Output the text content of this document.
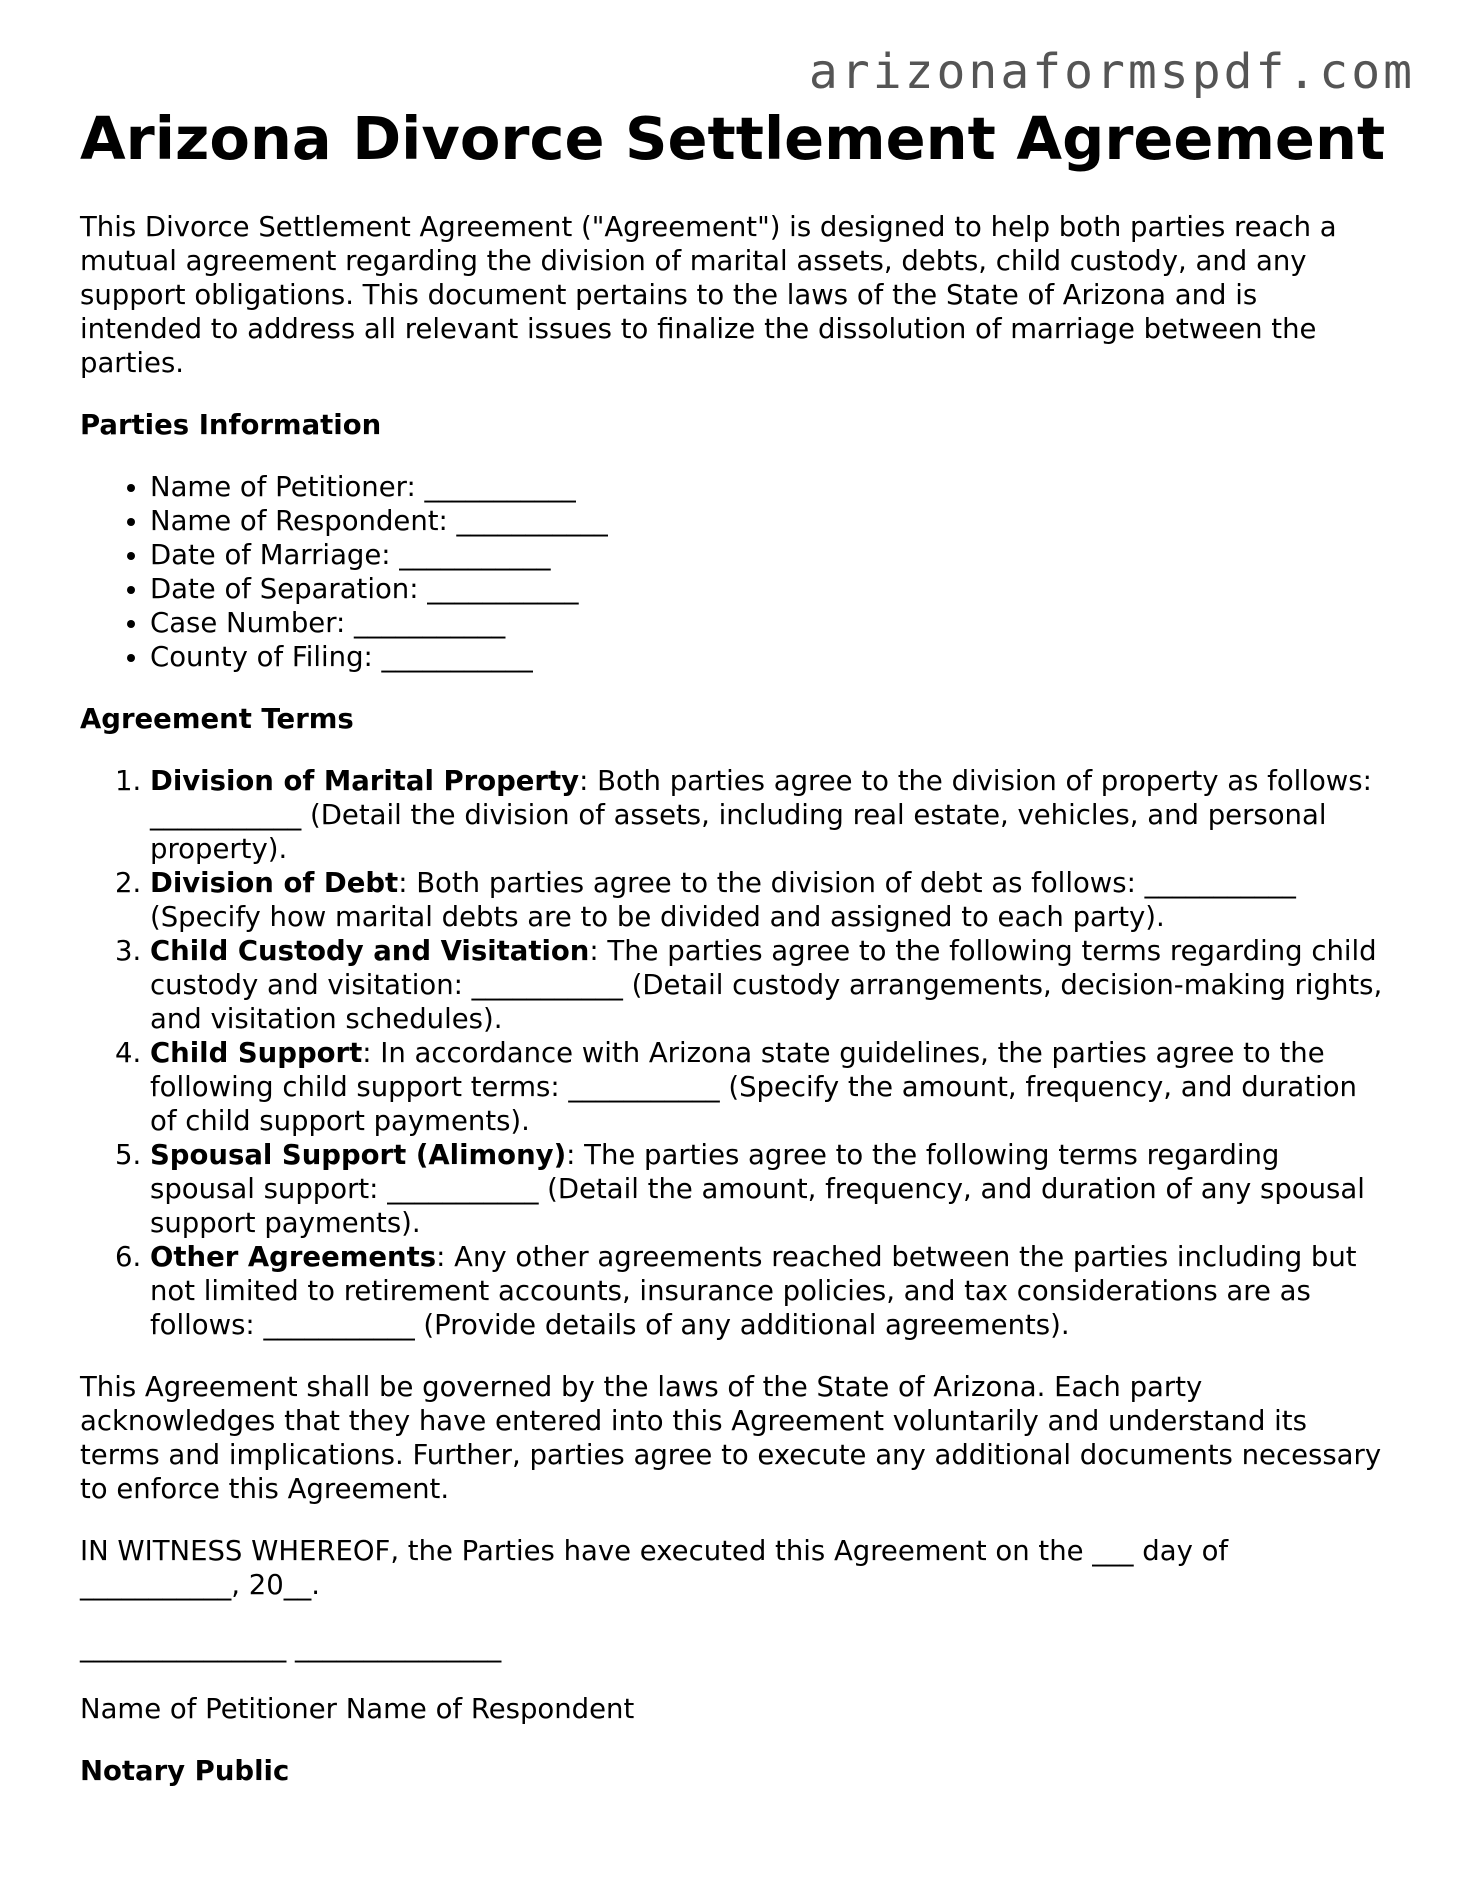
arizonaformspdf.com
Arizona Divorce Settlement Agreement

This Divorce Settlement Agreement ("Agreement") is designed to help both parties reach a mutual agreement regarding the division of marital assets, debts, child custody, and any support obligations. This document pertains to the laws of the State of Arizona and is intended to address all relevant issues to finalize the dissolution of marriage between the parties.

Parties Information

• Name of Petitioner: ___________
• Name of Respondent: ___________
• Date of Marriage: ___________
• Date of Separation: ___________
• Case Number: ___________
• County of Filing: ___________

Agreement Terms

1. Division of Marital Property: Both parties agree to the division of property as follows: ___________ (Detail the division of assets, including real estate, vehicles, and personal property).
2. Division of Debt: Both parties agree to the division of debt as follows: ___________ (Specify how marital debts are to be divided and assigned to each party).
3. Child Custody and Visitation: The parties agree to the following terms regarding child custody and visitation: ___________ (Detail custody arrangements, decision-making rights, and visitation schedules).
4. Child Support: In accordance with Arizona state guidelines, the parties agree to the following child support terms: ___________ (Specify the amount, frequency, and duration of child support payments).
5. Spousal Support (Alimony): The parties agree to the following terms regarding spousal support: ___________ (Detail the amount, frequency, and duration of any spousal support payments).
6. Other Agreements: Any other agreements reached between the parties including but not limited to retirement accounts, insurance policies, and tax considerations are as follows: ___________ (Provide details of any additional agreements).

This Agreement shall be governed by the laws of the State of Arizona. Each party acknowledges that they have entered into this Agreement voluntarily and understand its terms and implications. Further, parties agree to execute any additional documents necessary to enforce this Agreement.

IN WITNESS WHEREOF, the Parties have executed this Agreement on the ___ day of ___________, 20__.

_______________ _______________

Name of Petitioner Name of Respondent

Notary Public
